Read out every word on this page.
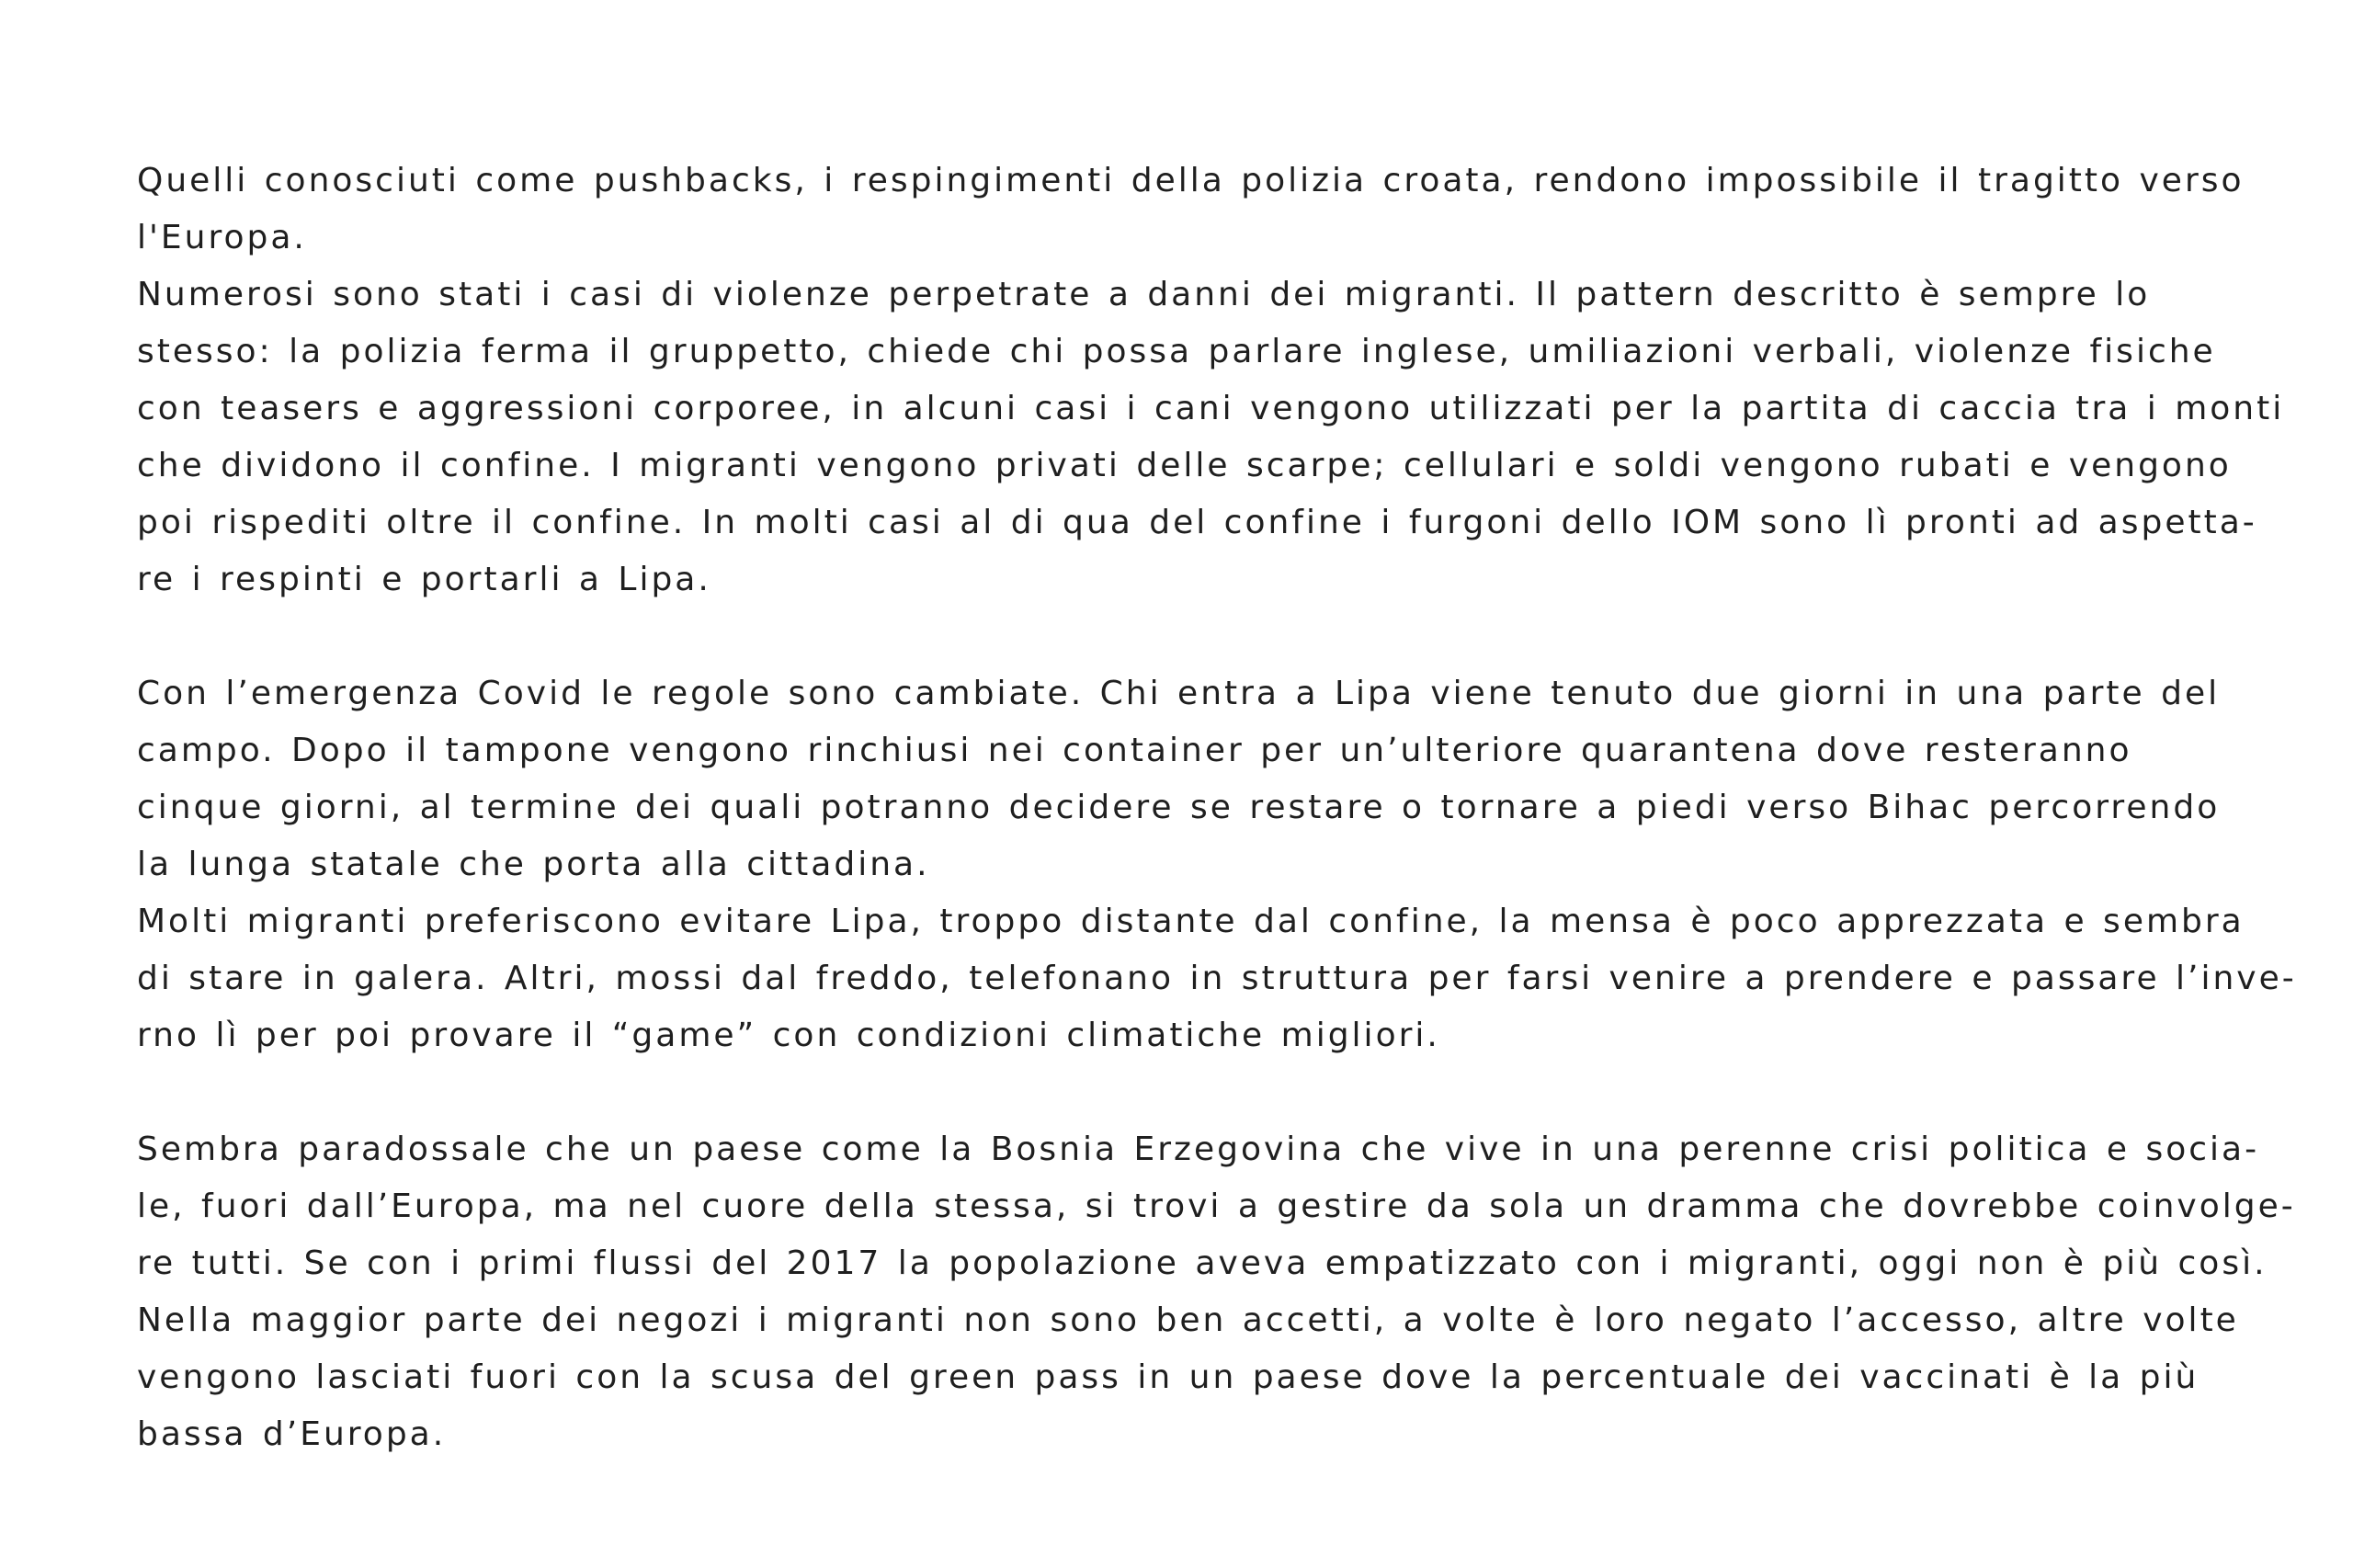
Quelli conosciuti come pushbacks, i respingimenti della polizia croata, rendono impossibile il tragitto verso
l'Europa.
Numerosi sono stati i casi di violenze perpetrate a danni dei migranti. Il pattern descritto è sempre lo
stesso: la polizia ferma il gruppetto, chiede chi possa parlare inglese, umiliazioni verbali, violenze fisiche
con teasers e aggressioni corporee, in alcuni casi i cani vengono utilizzati per la partita di caccia tra i monti
che dividono il confine. I migranti vengono privati delle scarpe; cellulari e soldi vengono rubati e vengono
poi rispediti oltre il confine. In molti casi al di qua del confine i furgoni dello IOM sono lì pronti ad aspetta-
re i respinti e portarli a Lipa.
Con l’emergenza Covid le regole sono cambiate. Chi entra a Lipa viene tenuto due giorni in una parte del
campo. Dopo il tampone vengono rinchiusi nei container per un’ulteriore quarantena dove resteranno
cinque giorni, al termine dei quali potranno decidere se restare o tornare a piedi verso Bihac percorrendo
la lunga statale che porta alla cittadina.
Molti migranti preferiscono evitare Lipa, troppo distante dal confine, la mensa è poco apprezzata e sembra
di stare in galera. Altri, mossi dal freddo, telefonano in struttura per farsi venire a prendere e passare l’inve-
rno lì per poi provare il “game” con condizioni climatiche migliori.
Sembra paradossale che un paese come la Bosnia Erzegovina che vive in una perenne crisi politica e socia-
le, fuori dall’Europa, ma nel cuore della stessa, si trovi a gestire da sola un dramma che dovrebbe coinvolge-
re tutti. Se con i primi flussi del 2017 la popolazione aveva empatizzato con i migranti, oggi non è più così.
Nella maggior parte dei negozi i migranti non sono ben accetti, a volte è loro negato l’accesso, altre volte
vengono lasciati fuori con la scusa del green pass in un paese dove la percentuale dei vaccinati è la più
bassa d’Europa.
